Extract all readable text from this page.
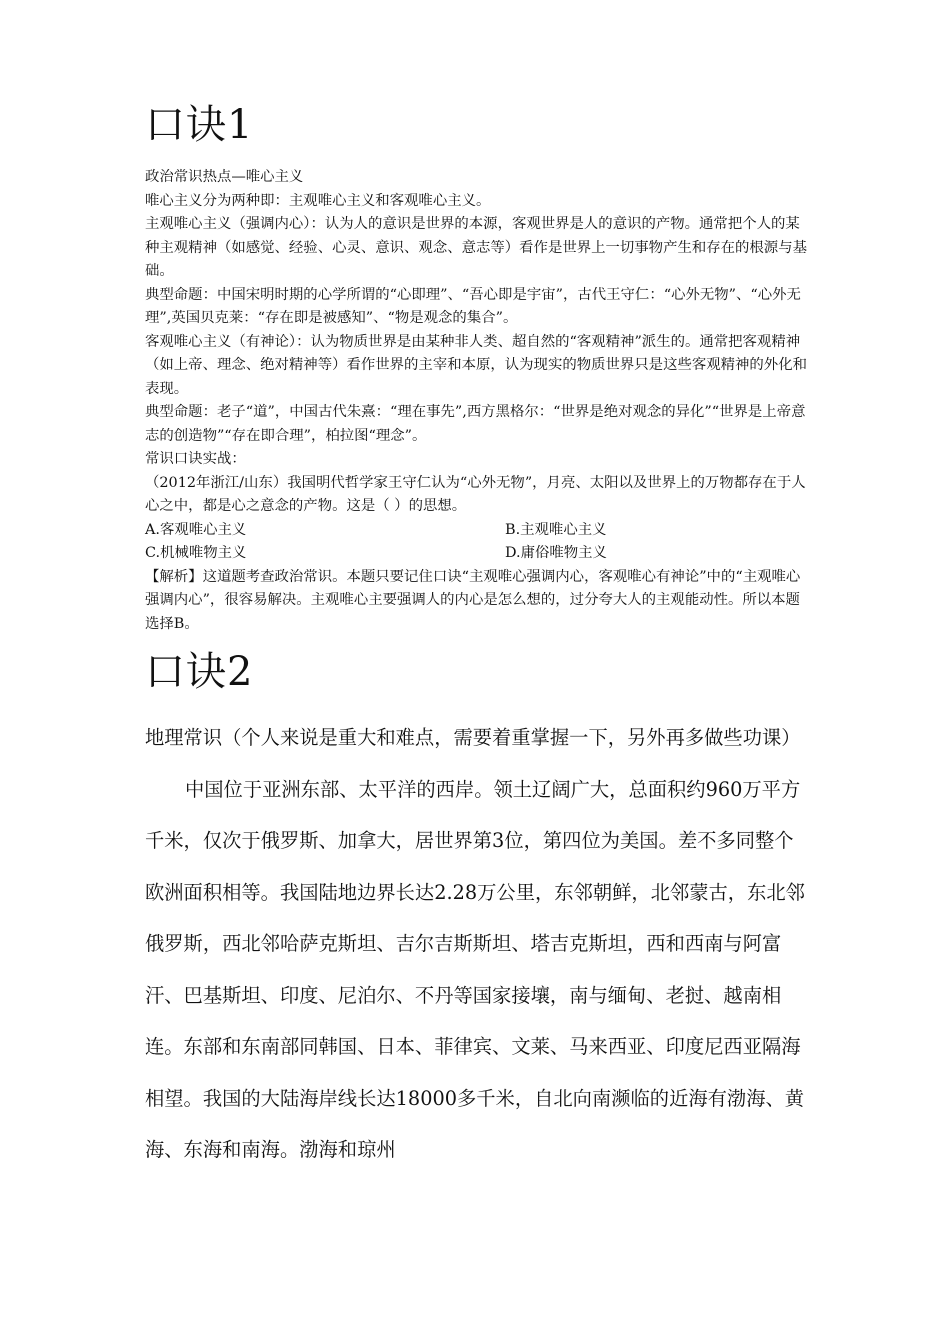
口诀1

政治常识热点—唯心主义

唯心主义分为两种即：主观唯心主义和客观唯心主义。

主观唯心主义（强调内心）：认为人的意识是世界的本源，客观世界是人的意识的产物。通常把个人的某种主观精神（如感觉、经验、心灵、意识、观念、意志等）看作是世界上一切事物产生和存在的根源与基础。

典型命题：中国宋明时期的心学所谓的“心即理”、“吾心即是宇宙”，古代王守仁：“心外无物”、“心外无理”,英国贝克莱：“存在即是被感知”、“物是观念的集合”。

客观唯心主义（有神论）：认为物质世界是由某种非人类、超自然的“客观精神”派生的。通常把客观精神（如上帝、理念、绝对精神等）看作世界的主宰和本原，认为现实的物质世界只是这些客观精神的外化和表现。

典型命题：老子“道”，中国古代朱熹：“理在事先”,西方黑格尔：“世界是绝对观念的异化”“世界是上帝意志的创造物”“存在即合理”，柏拉图“理念”。

常识口诀实战：

（2012年浙江/山东）我国明代哲学家王守仁认为“心外无物”，月亮、太阳以及世界上的万物都存在于人心之中，都是心之意念的产物。这是（ ）的思想。

A.客观唯心主义	B.主观唯心主义
C.机械唯物主义	D.庸俗唯物主义

【解析】这道题考查政治常识。本题只要记住口诀“主观唯心强调内心，客观唯心有神论”中的“主观唯心强调内心”，很容易解决。主观唯心主要强调人的内心是怎么想的，过分夸大人的主观能动性。所以本题选择B。

口诀2

地理常识（个人来说是重大和难点，需要着重掌握一下，另外再多做些功课）

中国位于亚洲东部、太平洋的西岸。领土辽阔广大，总面积约960万平方千米，仅次于俄罗斯、加拿大，居世界第3位，第四位为美国。差不多同整个欧洲面积相等。我国陆地边界长达2.28万公里，东邻朝鲜，北邻蒙古，东北邻俄罗斯，西北邻哈萨克斯坦、吉尔吉斯斯坦、塔吉克斯坦，西和西南与阿富汗、巴基斯坦、印度、尼泊尔、不丹等国家接壤，南与缅甸、老挝、越南相连。东部和东南部同韩国、日本、菲律宾、文莱、马来西亚、印度尼西亚隔海相望。我国的大陆海岸线长达18000多千米，自北向南濒临的近海有渤海、黄海、东海和南海。渤海和琼州
